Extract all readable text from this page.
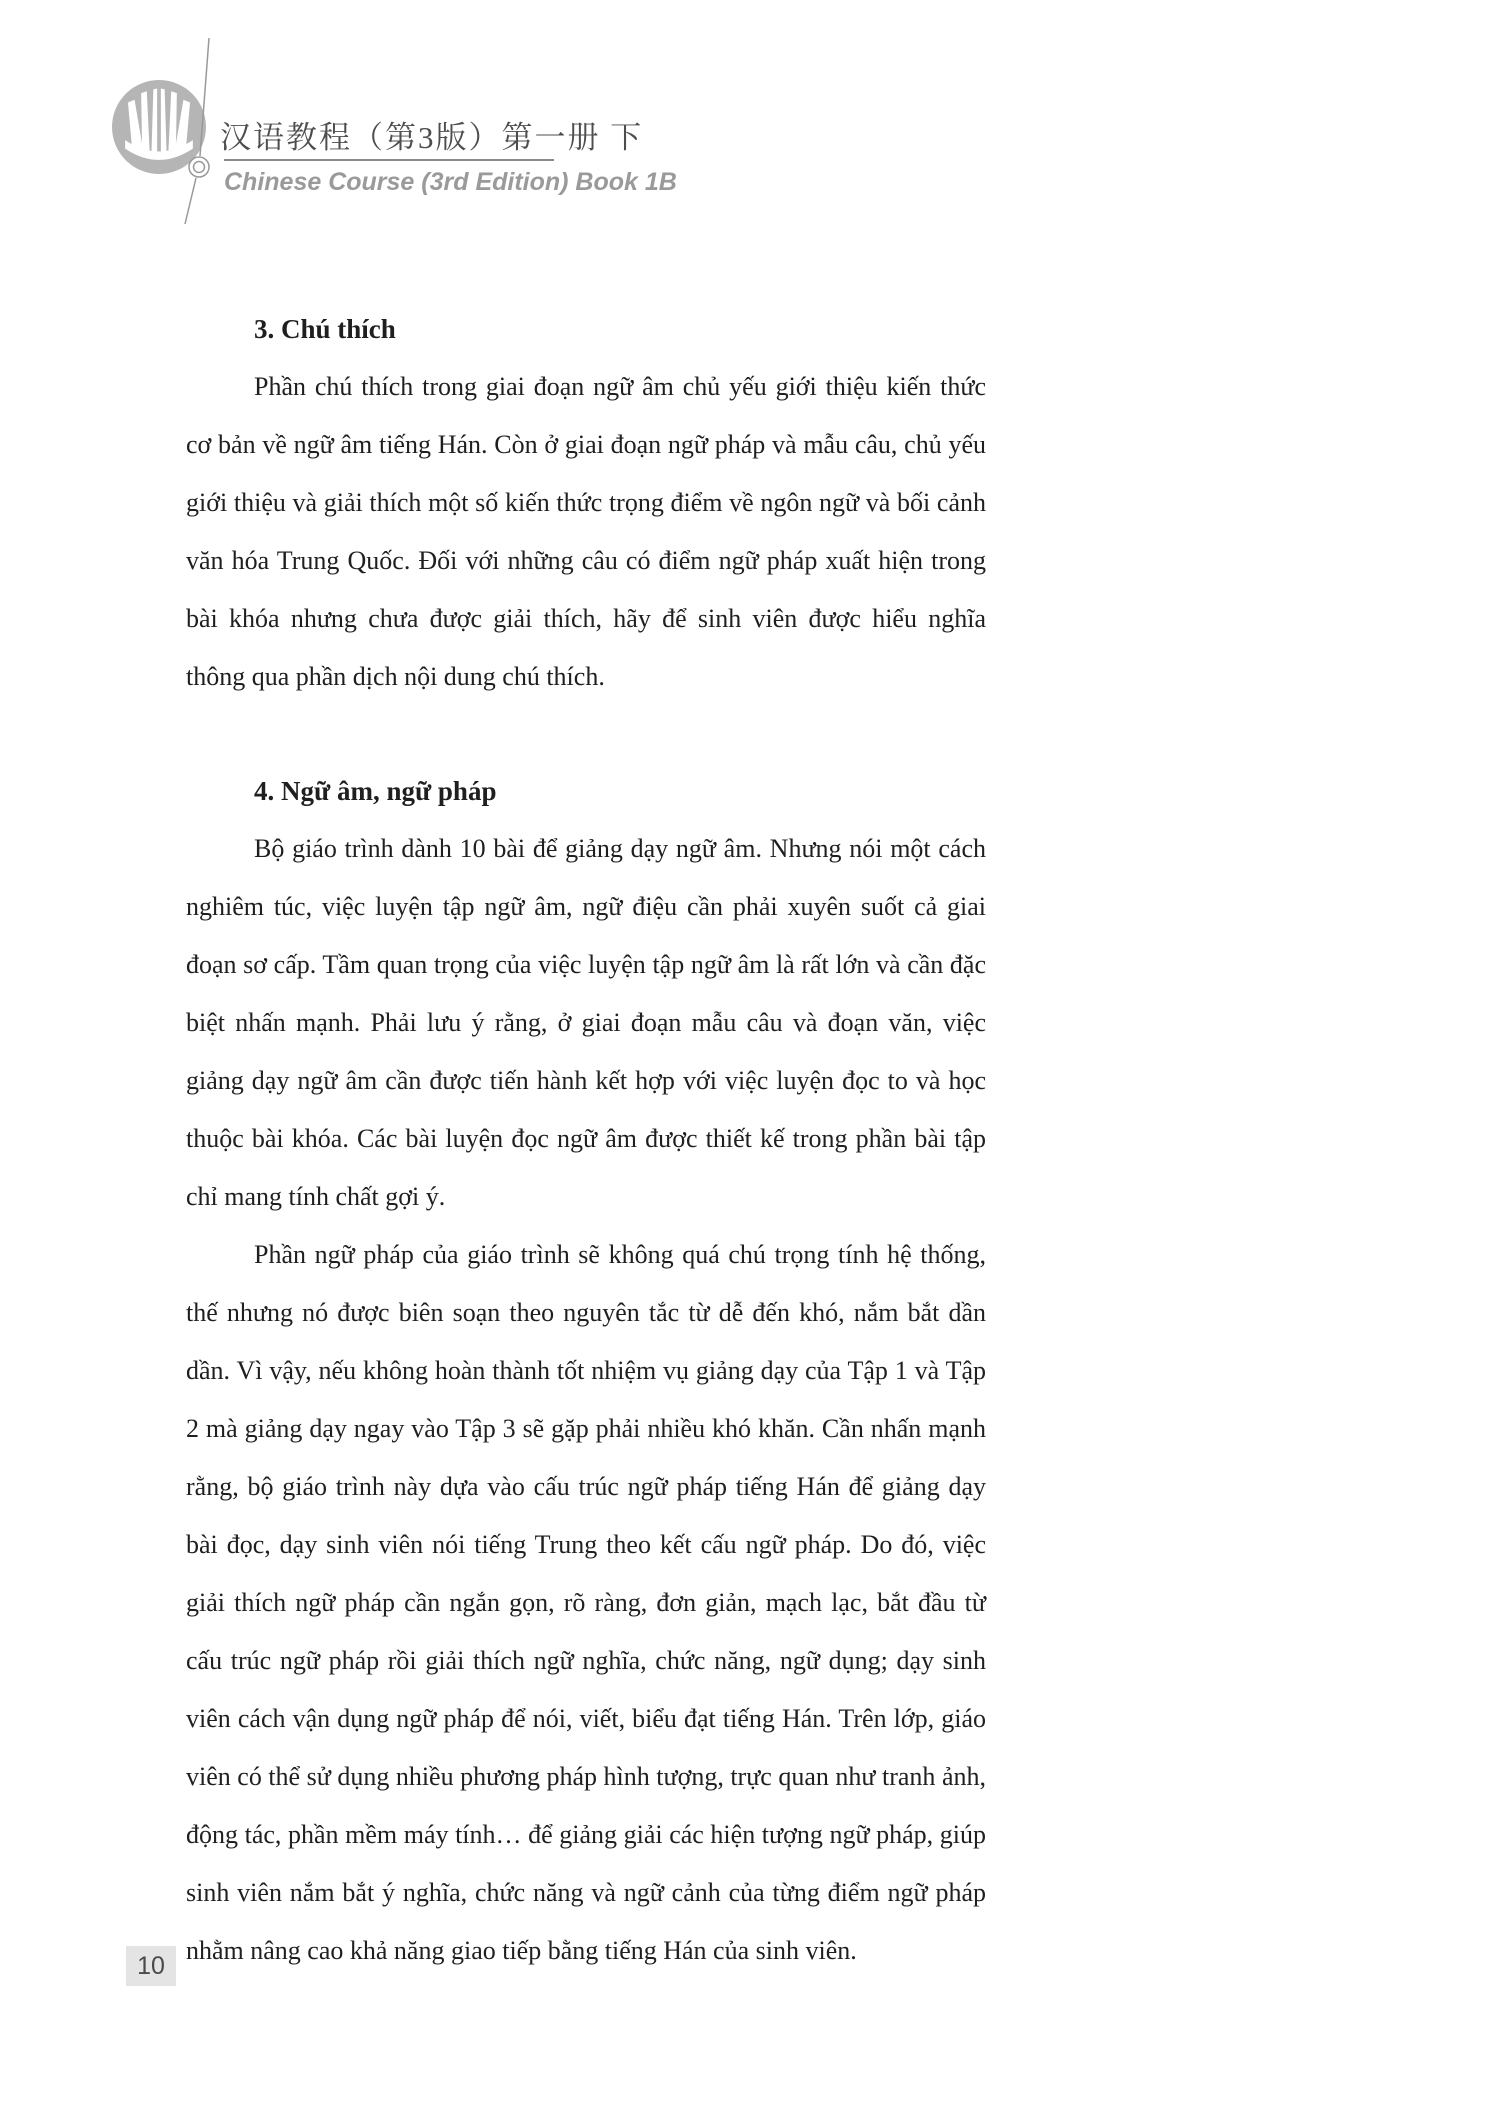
汉语教程（第3版）第一册 下
Chinese Course (3rd Edition) Book 1B
3. Chú thích

Phần chú thích trong giai đoạn ngữ âm chủ yếu giới thiệu kiến thức cơ bản về ngữ âm tiếng Hán. Còn ở giai đoạn ngữ pháp và mẫu câu, chủ yếu giới thiệu và giải thích một số kiến thức trọng điểm về ngôn ngữ và bối cảnh văn hóa Trung Quốc. Đối với những câu có điểm ngữ pháp xuất hiện trong bài khóa nhưng chưa được giải thích, hãy để sinh viên được hiểu nghĩa thông qua phần dịch nội dung chú thích.

4. Ngữ âm, ngữ pháp

Bộ giáo trình dành 10 bài để giảng dạy ngữ âm. Nhưng nói một cách nghiêm túc, việc luyện tập ngữ âm, ngữ điệu cần phải xuyên suốt cả giai đoạn sơ cấp. Tầm quan trọng của việc luyện tập ngữ âm là rất lớn và cần đặc biệt nhấn mạnh. Phải lưu ý rằng, ở giai đoạn mẫu câu và đoạn văn, việc giảng dạy ngữ âm cần được tiến hành kết hợp với việc luyện đọc to và học thuộc bài khóa. Các bài luyện đọc ngữ âm được thiết kế trong phần bài tập chỉ mang tính chất gợi ý.

Phần ngữ pháp của giáo trình sẽ không quá chú trọng tính hệ thống, thế nhưng nó được biên soạn theo nguyên tắc từ dễ đến khó, nắm bắt dần dần. Vì vậy, nếu không hoàn thành tốt nhiệm vụ giảng dạy của Tập 1 và Tập 2 mà giảng dạy ngay vào Tập 3 sẽ gặp phải nhiều khó khăn. Cần nhấn mạnh rằng, bộ giáo trình này dựa vào cấu trúc ngữ pháp tiếng Hán để giảng dạy bài đọc, dạy sinh viên nói tiếng Trung theo kết cấu ngữ pháp. Do đó, việc giải thích ngữ pháp cần ngắn gọn, rõ ràng, đơn giản, mạch lạc, bắt đầu từ cấu trúc ngữ pháp rồi giải thích ngữ nghĩa, chức năng, ngữ dụng; dạy sinh viên cách vận dụng ngữ pháp để nói, viết, biểu đạt tiếng Hán. Trên lớp, giáo viên có thể sử dụng nhiều phương pháp hình tượng, trực quan như tranh ảnh, động tác, phần mềm máy tính… để giảng giải các hiện tượng ngữ pháp, giúp sinh viên nắm bắt ý nghĩa, chức năng và ngữ cảnh của từng điểm ngữ pháp nhằm nâng cao khả năng giao tiếp bằng tiếng Hán của sinh viên.

10
